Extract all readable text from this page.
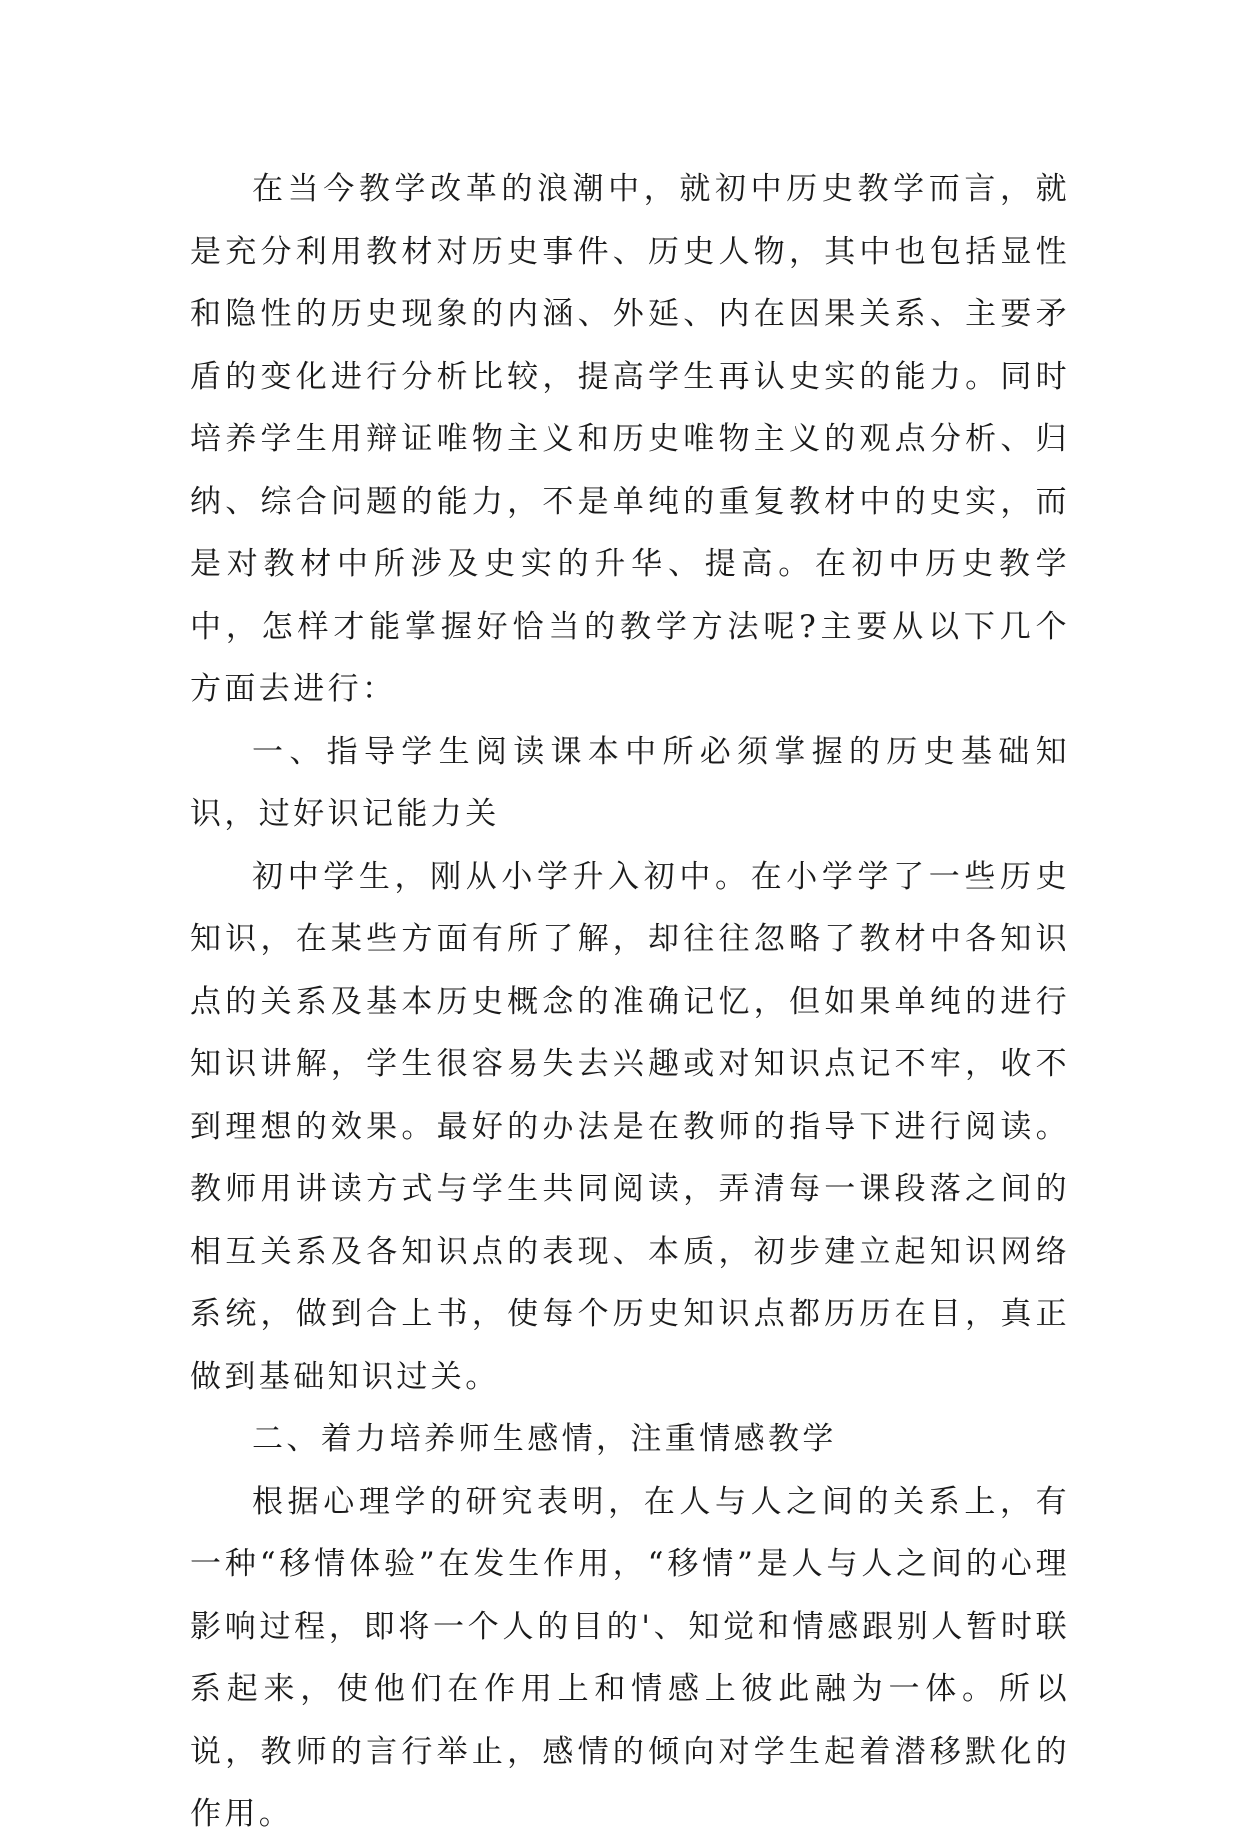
在当今教学改革的浪潮中，就初中历史教学而言，就是充分利用教材对历史事件、历史人物，其中也包括显性和隐性的历史现象的内涵、外延、内在因果关系、主要矛盾的变化进行分析比较，提高学生再认史实的能力。同时培养学生用辩证唯物主义和历史唯物主义的观点分析、归纳、综合问题的能力，不是单纯的重复教材中的史实，而是对教材中所涉及史实的升华、提高。在初中历史教学中，怎样才能掌握好恰当的教学方法呢?主要从以下几个方面去进行：

一、指导学生阅读课本中所必须掌握的历史基础知识，过好识记能力关

初中学生，刚从小学升入初中。在小学学了一些历史知识，在某些方面有所了解，却往往忽略了教材中各知识点的关系及基本历史概念的准确记忆，但如果单纯的进行知识讲解，学生很容易失去兴趣或对知识点记不牢，收不到理想的效果。最好的办法是在教师的指导下进行阅读。教师用讲读方式与学生共同阅读，弄清每一课段落之间的相互关系及各知识点的表现、本质，初步建立起知识网络系统，做到合上书，使每个历史知识点都历历在目，真正做到基础知识过关。

二、着力培养师生感情，注重情感教学

根据心理学的研究表明，在人与人之间的关系上，有一种“移情体验”在发生作用，“移情”是人与人之间的心理影响过程，即将一个人的目的'、知觉和情感跟别人暂时联系起来，使他们在作用上和情感上彼此融为一体。所以说，教师的言行举止，感情的倾向对学生起着潜移默化的作用。
